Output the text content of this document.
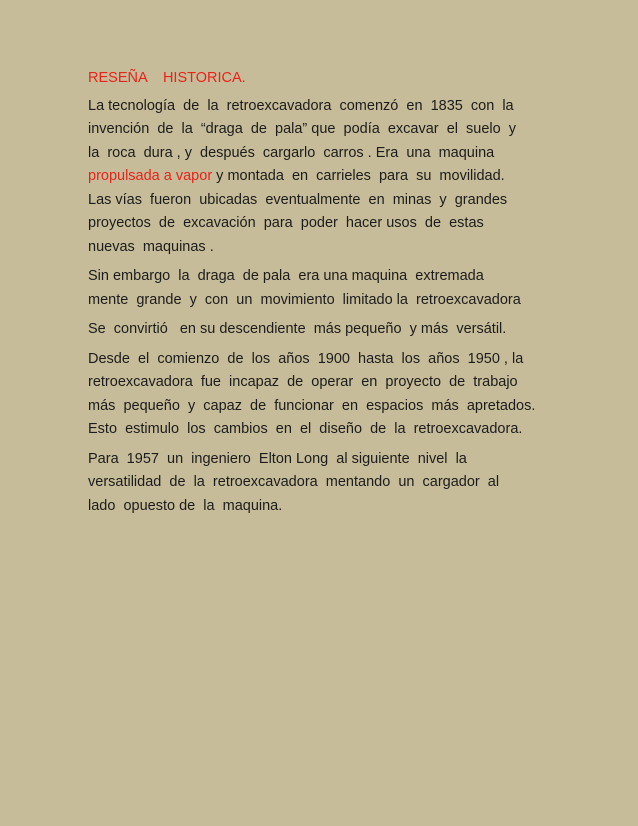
RESEÑA    HISTORICA.
La tecnología  de  la  retroexcavadora  comenzó  en  1835  con  la
invención  de  la  “draga  de  pala” que  podía  excavar  el  suelo  y
la  roca  dura , y  después  cargarlo  carros . Era  una  maquina
propulsada a vapor y montada  en  carrieles  para  su  movilidad.
Las vías  fueron  ubicadas  eventualmente  en  minas  y  grandes
proyectos  de  excavación  para  poder  hacer usos  de  estas
nuevas  maquinas .
Sin embargo  la  draga  de pala  era una maquina  extremada
mente  grande  y  con  un  movimiento  limitado la  retroexcavadora
Se  convirtió   en su descendiente  más pequeño  y más  versátil.
Desde  el  comienzo  de  los  años  1900  hasta  los  años  1950 , la
retroexcavadora  fue  incapaz  de  operar  en  proyecto  de  trabajo
más  pequeño  y  capaz  de  funcionar  en  espacios  más  apretados.
Esto  estimulo  los  cambios  en  el  diseño  de  la  retroexcavadora.
Para  1957  un  ingeniero  Elton Long  al siguiente  nivel  la
versatilidad  de  la  retroexcavadora  mentando  un  cargador  al
lado  opuesto de  la  maquina.
